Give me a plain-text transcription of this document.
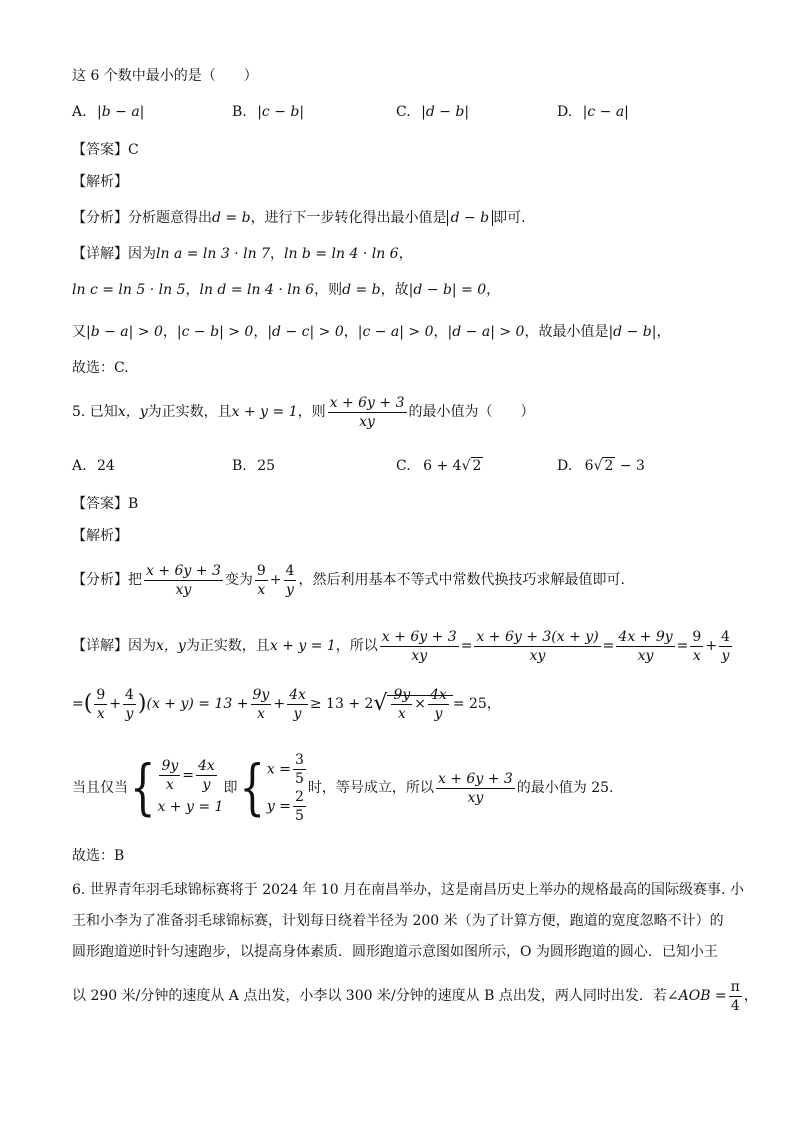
这 6 个数中最小的是（　　）
A. |b − a|	B. |c − b|	C. |d − b|	D. |c − a|
【答案】C
【解析】
【分析】分析题意得出d = b，进行下一步转化得出最小值是 d − b 即可.
【详解】因为ln a = ln 3 · ln 7，ln b = ln 4 · ln 6，
ln c = ln 5 · ln 5，ln d = ln 4 · ln 6，则d = b，故|d − b| = 0，
又|b − a| > 0，|c − b| > 0，|d − c| > 0，|c − a| > 0，|d − a| > 0，故最小值是|d − b|，
故选：C.
5. 已知x，y为正实数，且x + y = 1，则 $\frac{x + 6y + 3}{xy}$ 的最小值为（　　）
A. 24	B. 25	C. 6 + 4√ 2	D. 6√ 2 − 3
【答案】B
【解析】
【分析】把 $\frac{x + 6y + 3}{xy}$ 变为 $\frac{9}{x} + \frac{4}{y}$ ，然后利用基本不等式中常数代换技巧求解最值即可.
【详解】因为x，y为正实数，且x + y = 1，所以 $\frac{x + 6y + 3}{xy} = \frac{x + 6y + 3(x + y)}{xy} = \frac{4x + 9y}{xy} = \frac{9}{x} + \frac{4}{y}$
=( $\frac{9}{x} + \frac{4}{y} )(x + y) = 13 + \frac{9y}{x} + \frac{4x}{y} \ge 13 + 2√ \frac{9y}{x} \times \frac{4x}{y} = 25$，
当且仅当{ $\frac{9y}{x} = \frac{4x}{y}$
x + y = 1
即{ $x = \frac{3}{5}$
$y = \frac{2}{5}$ 时，等号成立，所以 $\frac{x + 6y + 3}{xy}$ 的最小值为 25.
故选：B
6. 世界青年羽毛球锦标赛将于 2024 年 10 月在南昌举办，这是南昌历史上举办的规格最高的国际级赛事. 小
王和小李为了准备羽毛球锦标赛，计划每日绕着半径为 200 米（为了计算方便，跑道的宽度忽略不计）的
圆形跑道逆时针匀速跑步，以提高身体素质．圆形跑道示意图如图所示，O 为圆形跑道的圆心．已知小王
以 290 米/分钟的速度从 A 点出发，小李以 300 米/分钟的速度从 B 点出发，两人同时出发．若∠AOB = $\frac{\pi}{4}$ ，
